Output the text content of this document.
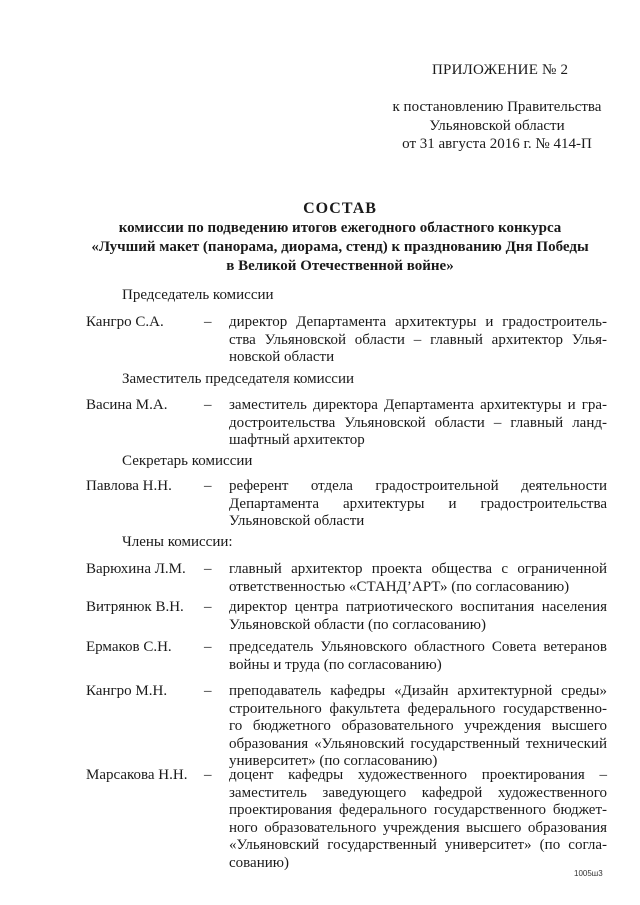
ПРИЛОЖЕНИЕ № 2
к постановлению Правительства
Ульяновской области
от 31 августа 2016 г. № 414-П
СОСТАВ
комиссии по подведению итогов ежегодного областного конкурса
«Лучший макет (панорама, диорама, стенд) к празднованию Дня Победы
в Великой Отечественной войне»
Председатель комиссии
Кангро С.А.	– директор Департамента архитектуры и градостроитель-
ства Ульяновской области – главный архитектор Улья-
новской области
Заместитель председателя комиссии
Васина М.А. – заместитель директора Департамента архитектуры и гра-
достроительства Ульяновской области – главный ланд-
шафтный архитектор
Секретарь комиссии
Павлова Н.Н. – референт отдела градостроительной деятельности
Департамента архитектуры и градостроительства
Ульяновской области
Члены комиссии:
Варюхина Л.М. – главный архитектор проекта общества с ограниченной
ответственностью «СТАНД’АРТ» (по согласованию)
Витрянюк В.Н. – директор центра патриотического воспитания населения
Ульяновской области (по согласованию)
Ермаков С.Н. – председатель Ульяновского областного Совета ветеранов
войны и труда (по согласованию)
Кангро М.Н. – преподаватель кафедры «Дизайн архитектурной среды»
строительного факультета федерального государственно-
го бюджетного образовательного учреждения высшего
образования «Ульяновский государственный технический
университет» (по согласованию)
Марсакова Н.Н. – доцент кафедры художественного проектирования –
заместитель заведующего кафедрой художественного
проектирования федерального государственного бюджет-
ного образовательного учреждения высшего образования
«Ульяновский государственный университет» (по согла-
сованию)
1005ш3
